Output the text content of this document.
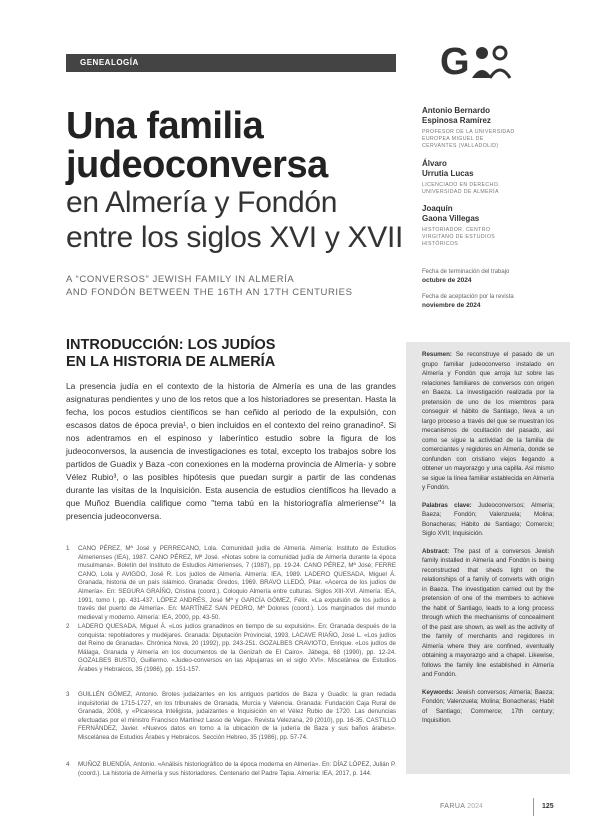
GENEALOGÍA
Una familia
judeoconversa
en Almería y Fondón
entre los siglos XVI y XVII
A “CONVERSOS” JEWISH FAMILY IN ALMERÍA
AND FONDÓN BETWEEN THE 16TH AN 17TH CENTURIES
INTRODUCCIÓN: LOS JUDÍOS
EN LA HISTORIA DE ALMERÍA
La presencia judía en el contexto de la historia de Almería es una de las grandes asignaturas pendientes y uno de los retos que a los historiadores se presentan. Hasta la fecha, los pocos estudios científicos se han ceñido al periodo de la expulsión, con escasos datos de época previa¹, o bien incluidos en el contexto del reino granadino². Si nos adentramos en el espinoso y laberíntico estudio sobre la figura de los judeoconversos, la ausencia de investigaciones es total, excepto los trabajos sobre los partidos de Guadix y Baza -con conexiones en la moderna provincia de Almería- y sobre Vélez Rubio³, o las posibles hipótesis que puedan surgir a partir de las condenas durante las visitas de la Inquisición. Esta ausencia de estudios científicos ha llevado a que Muñoz Buendía califique como "tema tabú en la historiografía almeriense"⁴ la presencia judeoconversa.
1	CANO PÉREZ, Mª José y PERRECANO, Lola. Comunidad judía de Almería. Almería: Instituto de Estudios Almerienses (IEA), 1987. CANO PÉREZ, Mª José. «Notas sobre la comunidad judía de Almería durante la época musulmana». Boletín del Instituto de Estudios Almerienses, 7 (1987), pp. 19-24. CANO PÉREZ, Mª José; FERRE CANO, Lola y AVIGDO, José R. Los judíos de Almería. Almería: IEA, 1989. LADERO QUESADA, Miguel Á. Granada, historia de un país islámico. Granada: Gredos, 1969. BRAVO LLEDÓ, Pilar. «Acerca de los judíos de Almería». En: SEGURA GRAÍÑO, Cristina (coord.). Coloquio Almería entre culturas. Siglos XIII-XVI. Almería: IEA, 1991, tomo I, pp. 431-437. LÓPEZ ANDRÉS, José Mª y GARCÍA GÓMEZ, Félix. «La expulsión de los judíos a través del puerto de Almería». En: MARTÍNEZ SAN PEDRO, Mª Dolores (coord.). Los marginados del mundo medieval y moderno. Almería: IEA, 2000, pp. 43-50.
2	LADERO QUESADA, Miguel Á. «Los judíos granadinos en tiempo de su expulsión». En: Granada después de la conquista: repobladores y mudéjares. Granada: Diputación Provincial, 1993. LACAVE RIAÑO, José L. «Los judíos del Reino de Granada». Chrónica Nova, 20 (1992), pp. 243-251. GOZALBES CRAVIOTO, Enrique. «Los judíos de Málaga, Granada y Almería en los documentos de la Genizah de El Cairo». Jábega, 68 (1990), pp. 12-24. GOZALBES BUSTO, Guillermo. «Judeo-conversos en las Alpujarras en el siglo XVI». Miscelánea de Estudios Árabes y Hebraicos, 35 (1986), pp. 151-157.
3	GUILLÉN GÓMEZ, Antonio. Brotes judaizantes en los antiguos partidos de Baza y Guadix: la gran redada inquisitorial de 1715-1727, en los tribunales de Granada, Murcia y Valencia. Granada: Fundación Caja Rural de Granada, 2008, y «Picaresca lnteligista, judaizantes e Inquisición en el Vélez Rubio de 1720. Las denuncias efectuadas por el ministro Francisco Martínez Lasso de Vega». Revista Velezana, 29 (2010), pp. 16-35. CASTILLO FERNÁNDEZ, Javier. «Nuevos datos en torno a la ubicación de la judería de Baza y sus baños árabes». Miscelánea de Estudios Árabes y Hebraicos. Sección Hebreo, 35 (1986), pp. 57-74.
4	MUÑOZ BUENDÍA, Antonio. «Análisis historiográfico de la época moderna en Almería». En: DÍAZ LÓPEZ, Julián P. (coord.). La historia de Almería y sus historiadores. Centenario del Padre Tapia. Almería: IEA, 2017, p. 144.
G
Antonio Bernardo
Espinosa Ramírez
PROFESOR DE LA UNIVERSIDAD
EUROPEA MIGUEL DE
CERVANTES (VALLADOLID)
Álvaro
Urrutia Lucas
LICENCIADO EN DERECHO.
UNIVERSIDAD DE ALMERÍA
Joaquín
Gaona Villegas
HISTORIADOR. CENTRO
VIRGITANO DE ESTUDIOS
HISTÓRICOS
Fecha de terminación del trabajo
octubre de 2024
Fecha de aceptación por la revista
noviembre de 2024

Resumen: Se reconstruye el pasado de un grupo familiar judeoconverso instalado en Almería y Fondón que arroja luz sobre las relaciones familiares de conversos con origen en Baeza. La investigación realizada por la pretensión de uno de los miembros para conseguir el hábito de Santiago, lleva a un largo proceso a través del que se muestran los mecanismos de ocultación del pasado, así como se sigue la actividad de la familia de comerciantes y regidores en Almería, donde se confunden con cristiano viejos llegando a obtener un mayorazgo y una capilla. Así mismo se sigue la línea familiar establecida en Almería y Fondón.

Palabras clave: Judeoconversos; Almería; Baeza; Fondón; Valenzuela; Molina; Bonacheras; Hábito de Santiago; Comercio; Siglo XVII; Inquisición.

Abstract: The past of a conversos Jewish family installed in Almería and Fondón is being reconstructed that sheds light on the relationships of a family of converts with origin in Baeza. The investigation carried out by the pretension of one of the members to achieve the habit of Santiago, leads to a long process through which the mechanisms of concealment of the past are shown, as well as the activity of the family of merchants and regidores in Almería where they are confined, eventually obtaining a mayorazgo and a chapel. Likewise, follows the family line established in Almería and Fondón.

Keywords: Jewish conversos; Almería; Baeza; Fondón; Valenzuela; Molina; Bonacheras; Habit of Santiago; Commerce; 17th century; Inquisition.

FARUA 2024	125
